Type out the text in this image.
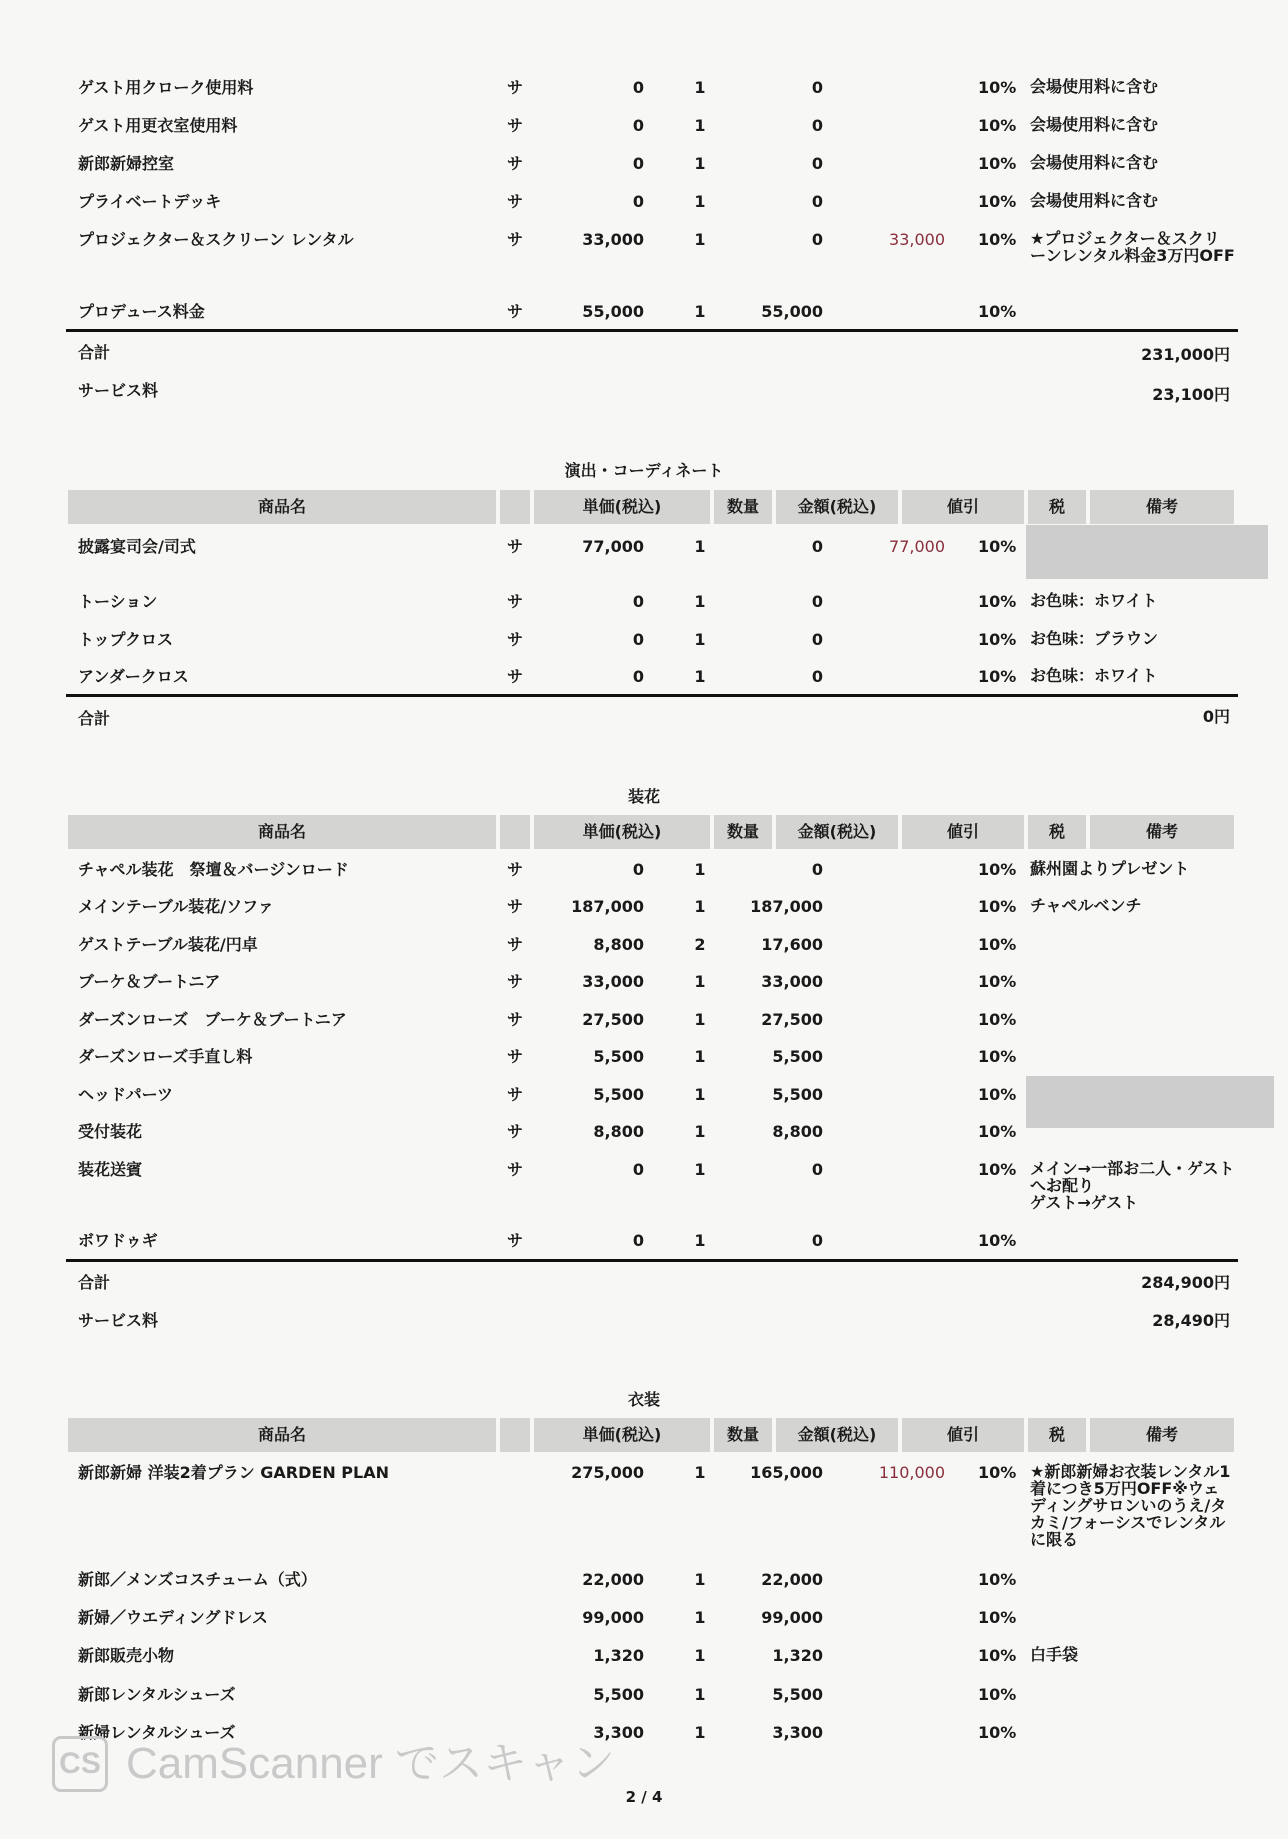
ゲスト用クローク使用料	サ	0	1	0	10% 会場使用料に含む
ゲスト用更衣室使用料	サ	0	1	0	10% 会場使用料に含む
新郎新婦控室	サ	0	1	0	10% 会場使用料に含む
プライベートデッキ	サ	0	1	0	10% 会場使用料に含む
プロジェクター＆スクリーン レンタル	サ	33,000	1	0	33,000 10% ★プロジェクター＆スクリーンレンタル料金3万円OFF
プロデュース料金	サ	55,000	1	55,000	10%
合計	231,000円
サービス料	23,100円
演出・コーディネート
商品名	単価(税込)	数量	金額(税込)	値引	税	備考
披露宴司会/司式	サ	77,000	1	0	77,000 10%
トーション	サ	0	1	0	10% お色味：ホワイト
トップクロス	サ	0	1	0	10% お色味：ブラウン
アンダークロス	サ	0	1	0	10% お色味：ホワイト
合計	0円
装花
商品名	単価(税込)	数量	金額(税込)	値引	税	備考
チャペル装花　祭壇＆バージンロード	サ	0	1	0	10% 蘇州園よりプレゼント
メインテーブル装花/ソファ	サ	187,000	1	187,000	10% チャペルベンチ
ゲストテーブル装花/円卓	サ	8,800	2	17,600	10%
ブーケ＆ブートニア	サ	33,000	1	33,000	10%
ダーズンローズ　ブーケ＆ブートニア	サ	27,500	1	27,500	10%
ダーズンローズ手直し料	サ	5,500	1	5,500	10%
ヘッドパーツ	サ	5,500	1	5,500	10%
受付装花	サ	8,800	1	8,800	10%
装花送賓	サ	0	1	0	10% メイン→一部お二人・ゲストへお配り
ゲスト→ゲスト
ボワドゥギ	サ	0	1	0	10%
合計	284,900円
サービス料	28,490円
衣装
商品名	単価(税込)	数量	金額(税込)	値引	税	備考
新郎新婦 洋装2着プラン GARDEN PLAN	275,000	1	165,000	110,000 10% ★新郎新婦お衣装レンタル1着につき5万円OFF※ウェディングサロンいのうえ/タカミ/フォーシスでレンタルに限る
新郎／メンズコスチューム（式）	22,000	1	22,000	10%
新婦／ウエディングドレス	99,000	1	99,000	10%
新郎販売小物	1,320	1	1,320	10% 白手袋
新郎レンタルシューズ	5,500	1	5,500	10%
新婦レンタルシューズ	3,300	1	3,300	10%
CS CamScanner でスキャン
2 / 4
